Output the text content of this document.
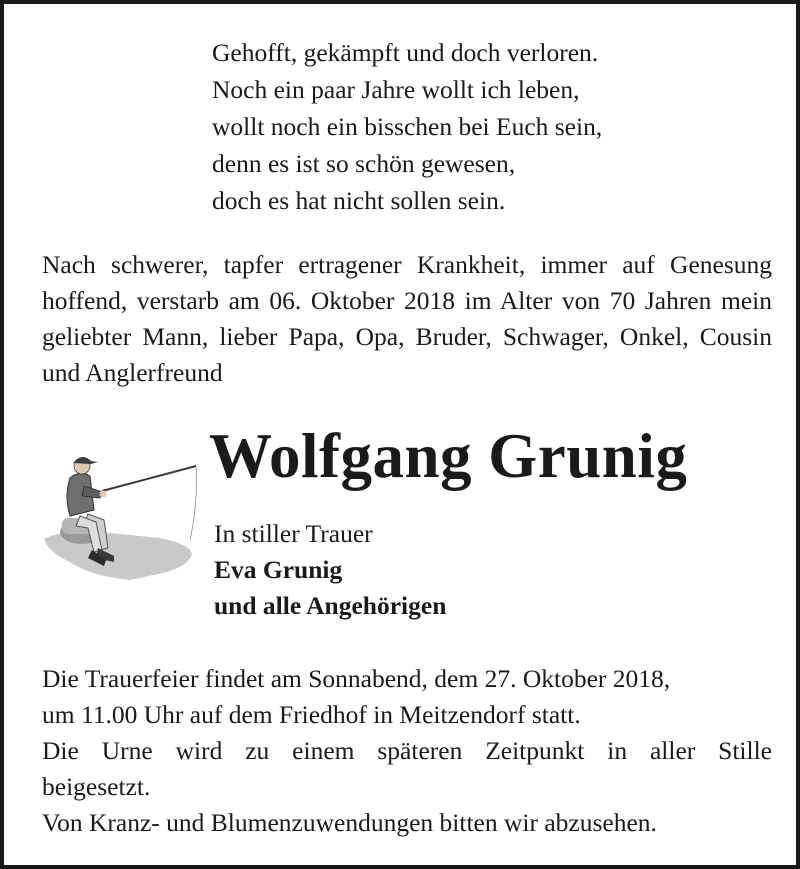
Gehofft, gekämpft und doch verloren.
Noch ein paar Jahre wollt ich leben,
wollt noch ein bisschen bei Euch sein,
denn es ist so schön gewesen,
doch es hat nicht sollen sein.
Nach schwerer, tapfer ertragener Krankheit, immer auf Genesung hoffend, verstarb am 06. Oktober 2018 im Alter von 70 Jahren mein geliebter Mann, lieber Papa, Opa, Bruder, Schwager, Onkel, Cousin und Anglerfreund
Wolfgang Grunig
In stiller Trauer
Eva Grunig
und alle Angehörigen
Die Trauerfeier findet am Sonnabend, dem 27. Oktober 2018,
um 11.00 Uhr auf dem Friedhof in Meitzendorf statt.
Die Urne wird zu einem späteren Zeitpunkt in aller Stille
beigesetzt.
Von Kranz- und Blumenzuwendungen bitten wir abzusehen.
